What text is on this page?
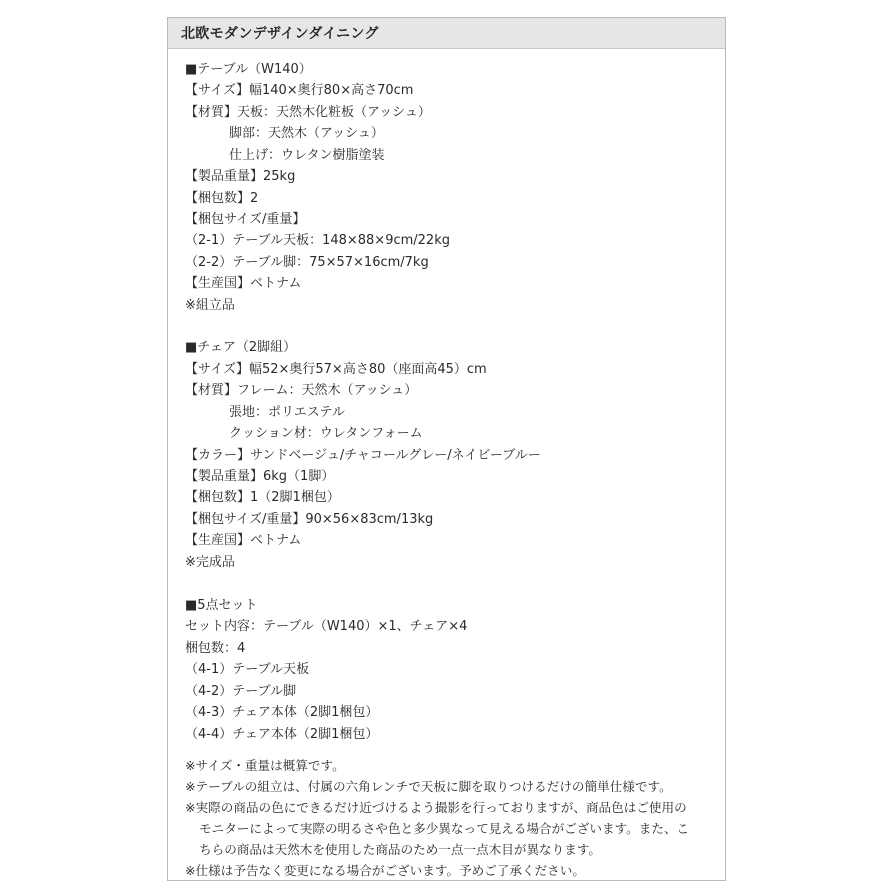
北欧モダンデザインダイニング
■テーブル（W140）
【サイズ】幅140×奥行80×高さ70cm
【材質】天板：天然木化粧板（アッシュ）
脚部：天然木（アッシュ）
仕上げ：ウレタン樹脂塗装
【製品重量】25kg
【梱包数】2
【梱包サイズ/重量】
（2-1）テーブル天板：148×88×9cm/22kg
（2-2）テーブル脚：75×57×16cm/7kg
【生産国】ベトナム
※組立品
■チェア（2脚組）
【サイズ】幅52×奥行57×高さ80（座面高45）cm
【材質】フレーム：天然木（アッシュ）
張地：ポリエステル
クッション材：ウレタンフォーム
【カラー】サンドベージュ/チャコールグレー/ネイビーブルー
【製品重量】6kg（1脚）
【梱包数】1（2脚1梱包）
【梱包サイズ/重量】90×56×83cm/13kg
【生産国】ベトナム
※完成品
■5点セット
セット内容：テーブル（W140）×1、チェア×4
梱包数：4
（4-1）テーブル天板
（4-2）テーブル脚
（4-3）チェア本体（2脚1梱包）
（4-4）チェア本体（2脚1梱包）
※サイズ・重量は概算です。
※テーブルの組立は、付属の六角レンチで天板に脚を取りつけるだけの簡単仕様です。
※実際の商品の色にできるだけ近づけるよう撮影を行っておりますが、商品色はご使用の
モニターによって実際の明るさや色と多少異なって見える場合がございます。また、こ
ちらの商品は天然木を使用した商品のため一点一点木目が異なります。
※仕様は予告なく変更になる場合がございます。予めご了承ください。
